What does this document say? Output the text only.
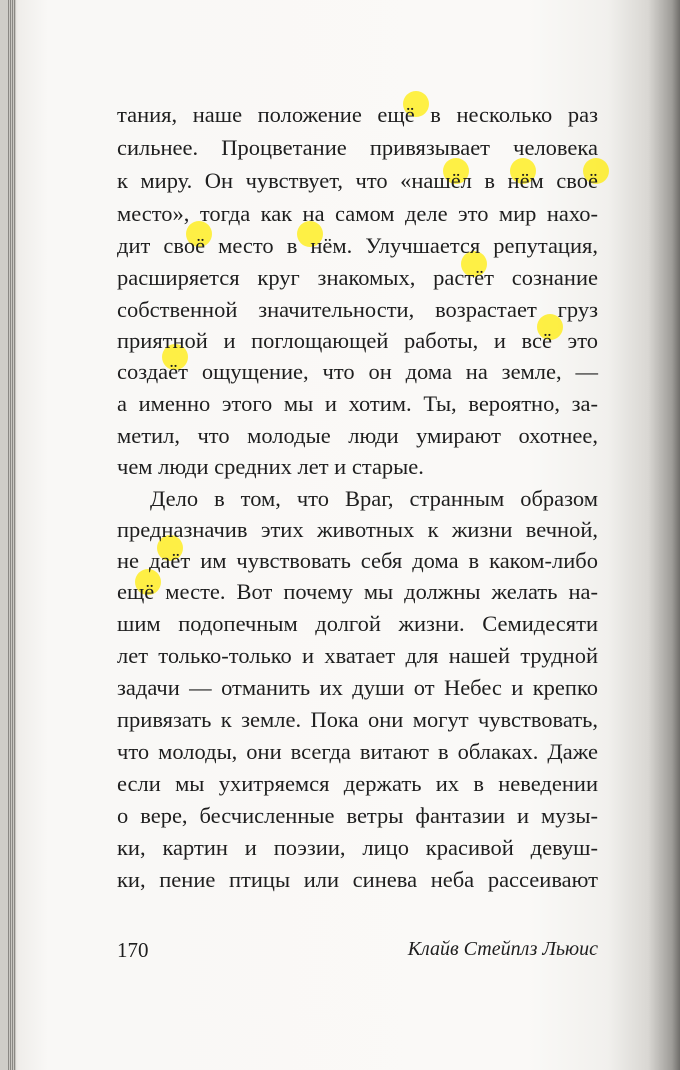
тания, наше положение ещё в несколько раз
сильнее. Процветание привязывает человека
к миру. Он чувствует, что «нашёл в нём своё
место», тогда как на самом деле это мир нахо-
дит своё место в нём. Улучшается репутация,
расширяется круг знакомых, растёт сознание
собственной значительности, возрастает груз
приятной и поглощающей работы, и всё это
создаёт ощущение, что он дома на земле, —
а именно этого мы и хотим. Ты, вероятно, за-
метил, что молодые люди умирают охотнее,
чем люди средних лет и старые.
Дело в том, что Враг, странным образом
предназначив этих животных к жизни вечной,
не даёт им чувствовать себя дома в каком-либо
ещё месте. Вот почему мы должны желать на-
шим подопечным долгой жизни. Семидесяти
лет только-только и хватает для нашей трудной
задачи — отманить их души от Небес и крепко
привязать к земле. Пока они могут чувствовать,
что молоды, они всегда витают в облаках. Даже
если мы ухитряемся держать их в неведении
о вере, бесчисленные ветры фантазии и музы-
ки, картин и поэзии, лицо красивой девуш-
ки, пение птицы или синева неба рассеивают
170	Клайв Стейплз Льюис
